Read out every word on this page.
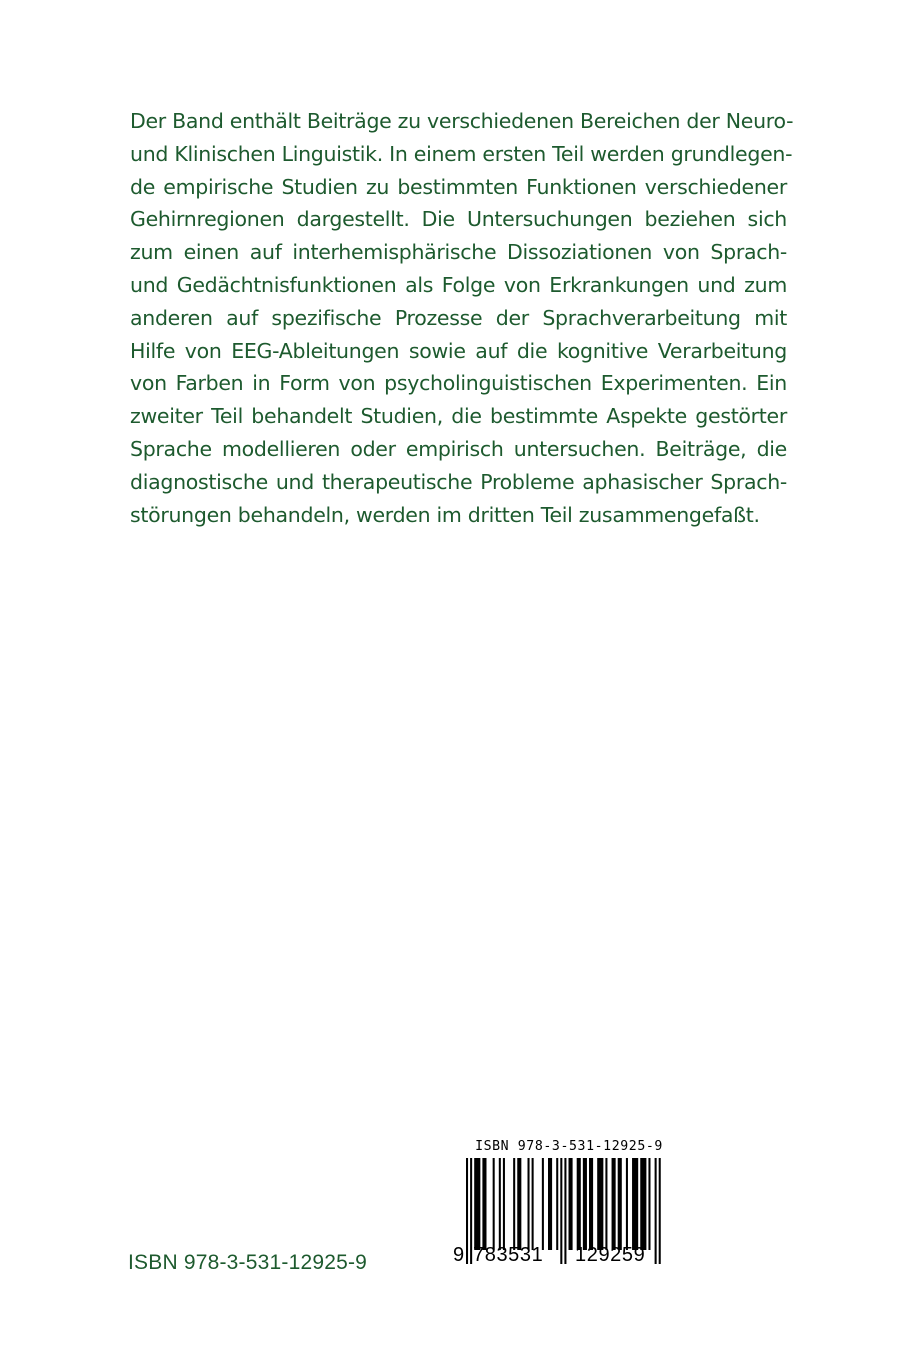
Der Band enthält Beiträge zu verschiedenen Bereichen der Neuro-
und Klinischen Linguistik. In einem ersten Teil werden grundlegen-
de empirische Studien zu bestimmten Funktionen verschiedener
Gehirnregionen dargestellt. Die Untersuchungen beziehen sich
zum einen auf interhemisphärische Dissoziationen von Sprach-
und Gedächtnisfunktionen als Folge von Erkrankungen und zum
anderen auf spezifische Prozesse der Sprachverarbeitung mit
Hilfe von EEG-Ableitungen sowie auf die kognitive Verarbeitung
von Farben in Form von psycholinguistischen Experimenten. Ein
zweiter Teil behandelt Studien, die bestimmte Aspekte gestörter
Sprache modellieren oder empirisch untersuchen. Beiträge, die
diagnostische und therapeutische Probleme aphasischer Sprach-
störungen behandeln, werden im dritten Teil zusammengefaßt.
ISBN 978-3-531-12925-9
9 783531 129259
ISBN 978-3-531-12925-9
